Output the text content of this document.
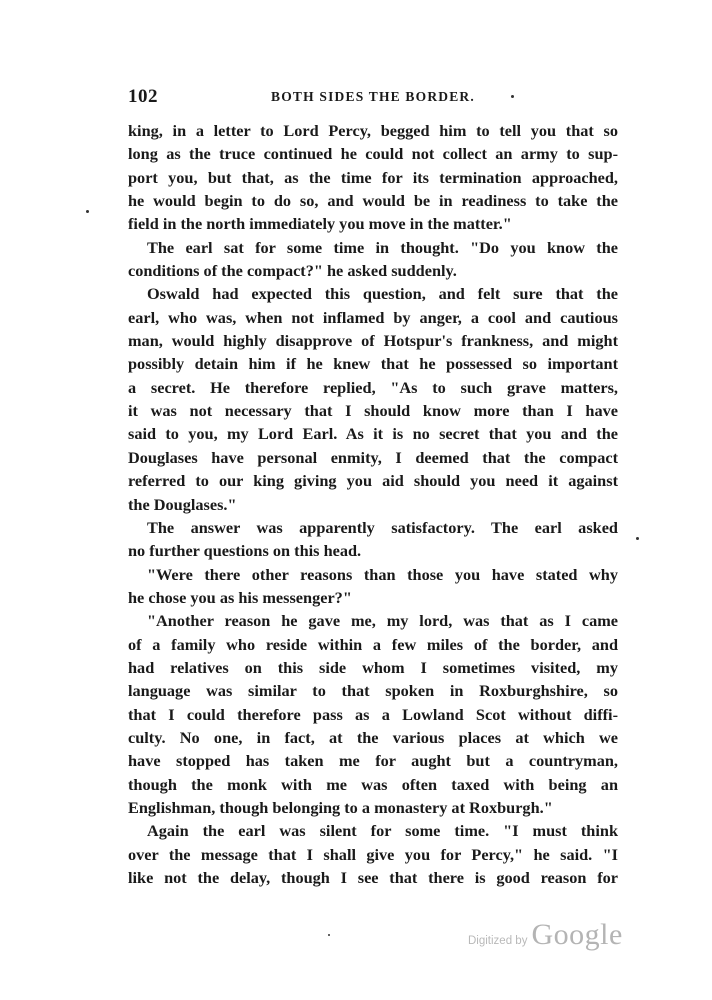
102	BOTH SIDES THE BORDER.
king, in a letter to Lord Percy, begged him to tell you that so
long as the truce continued he could not collect an army to sup-
port you, but that, as the time for its termination approached,
he would begin to do so, and would be in readiness to take the
field in the north immediately you move in the matter."
The earl sat for some time in thought. "Do you know the
conditions of the compact?" he asked suddenly.
Oswald had expected this question, and felt sure that the
earl, who was, when not inflamed by anger, a cool and cautious
man, would highly disapprove of Hotspur's frankness, and might
possibly detain him if he knew that he possessed so important
a secret. He therefore replied, "As to such grave matters,
it was not necessary that I should know more than I have
said to you, my Lord Earl. As it is no secret that you and the
Douglases have personal enmity, I deemed that the compact
referred to our king giving you aid should you need it against
the Douglases."
The answer was apparently satisfactory. The earl asked
no further questions on this head.
"Were there other reasons than those you have stated why
he chose you as his messenger?"
"Another reason he gave me, my lord, was that as I came
of a family who reside within a few miles of the border, and
had relatives on this side whom I sometimes visited, my
language was similar to that spoken in Roxburghshire, so
that I could therefore pass as a Lowland Scot without diffi-
culty. No one, in fact, at the various places at which we
have stopped has taken me for aught but a countryman,
though the monk with me was often taxed with being an
Englishman, though belonging to a monastery at Roxburgh."
Again the earl was silent for some time. "I must think
over the message that I shall give you for Percy," he said. "I
like not the delay, though I see that there is good reason for
Digitized by Google
